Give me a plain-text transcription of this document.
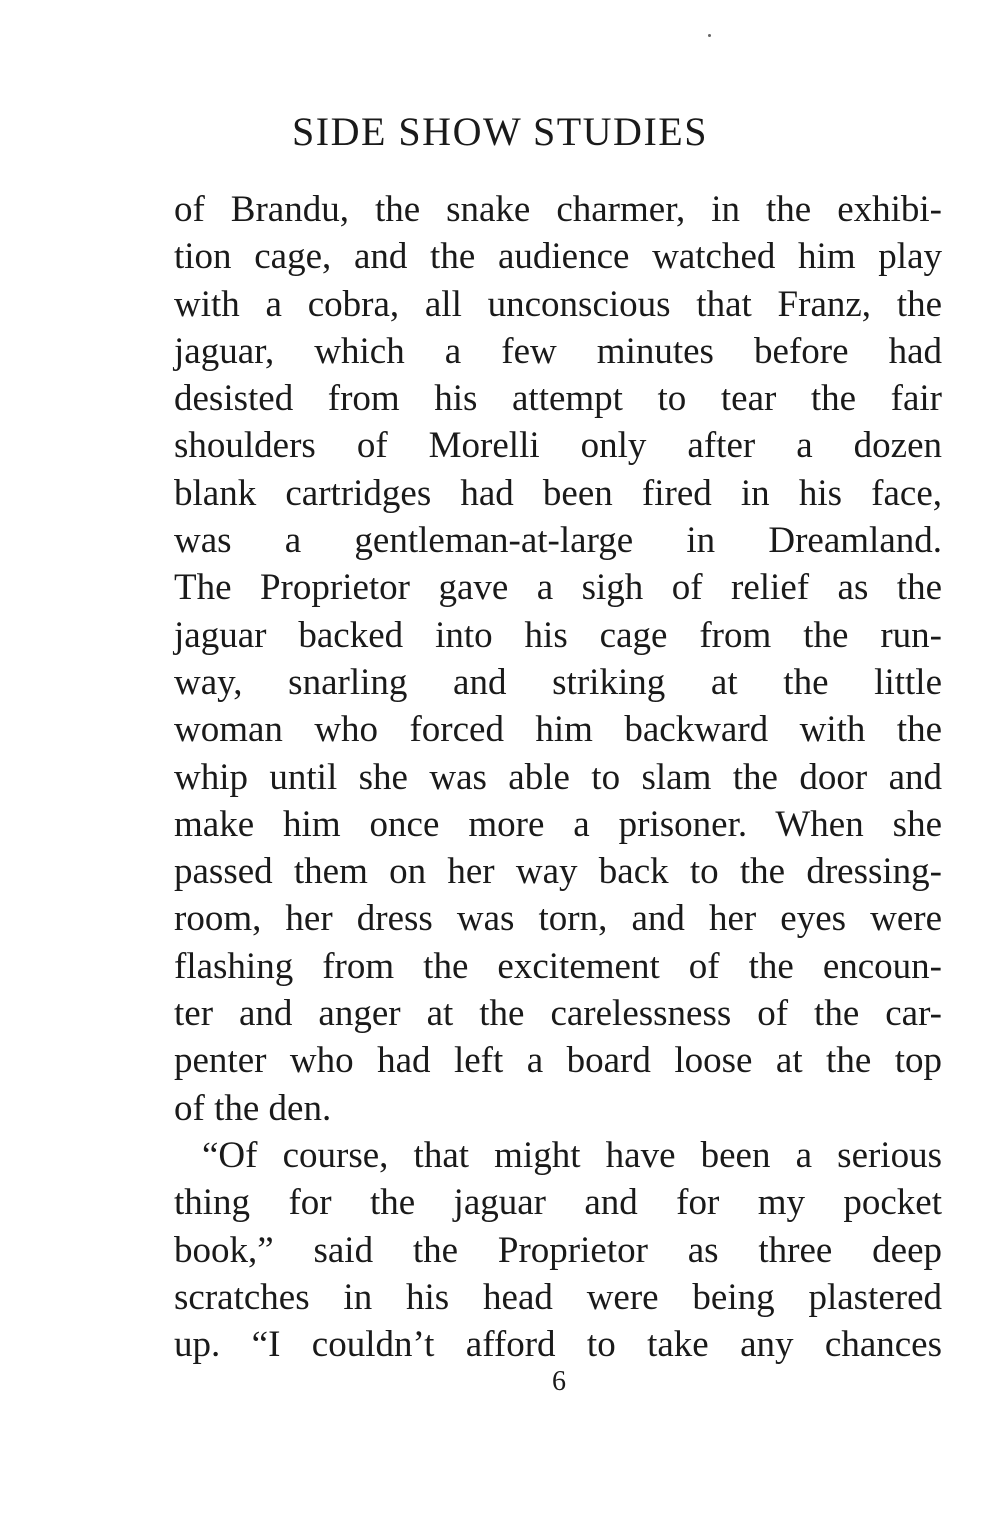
SIDE SHOW STUDIES
of Brandu, the snake charmer, in the exhibi-
tion cage, and the audience watched him play
with a cobra, all unconscious that Franz, the
jaguar, which a few minutes before had
desisted from his attempt to tear the fair
shoulders of Morelli only after a dozen
blank cartridges had been fired in his face,
was a gentleman-at-large in Dreamland.
The Proprietor gave a sigh of relief as the
jaguar backed into his cage from the run-
way, snarling and striking at the little
woman who forced him backward with the
whip until she was able to slam the door and
make him once more a prisoner. When she
passed them on her way back to the dressing-
room, her dress was torn, and her eyes were
flashing from the excitement of the encoun-
ter and anger at the carelessness of the car-
penter who had left a board loose at the top
of the den.
“Of course, that might have been a serious
thing for the jaguar and for my pocket
book,” said the Proprietor as three deep
scratches in his head were being plastered
up. “I couldn’t afford to take any chances
6
